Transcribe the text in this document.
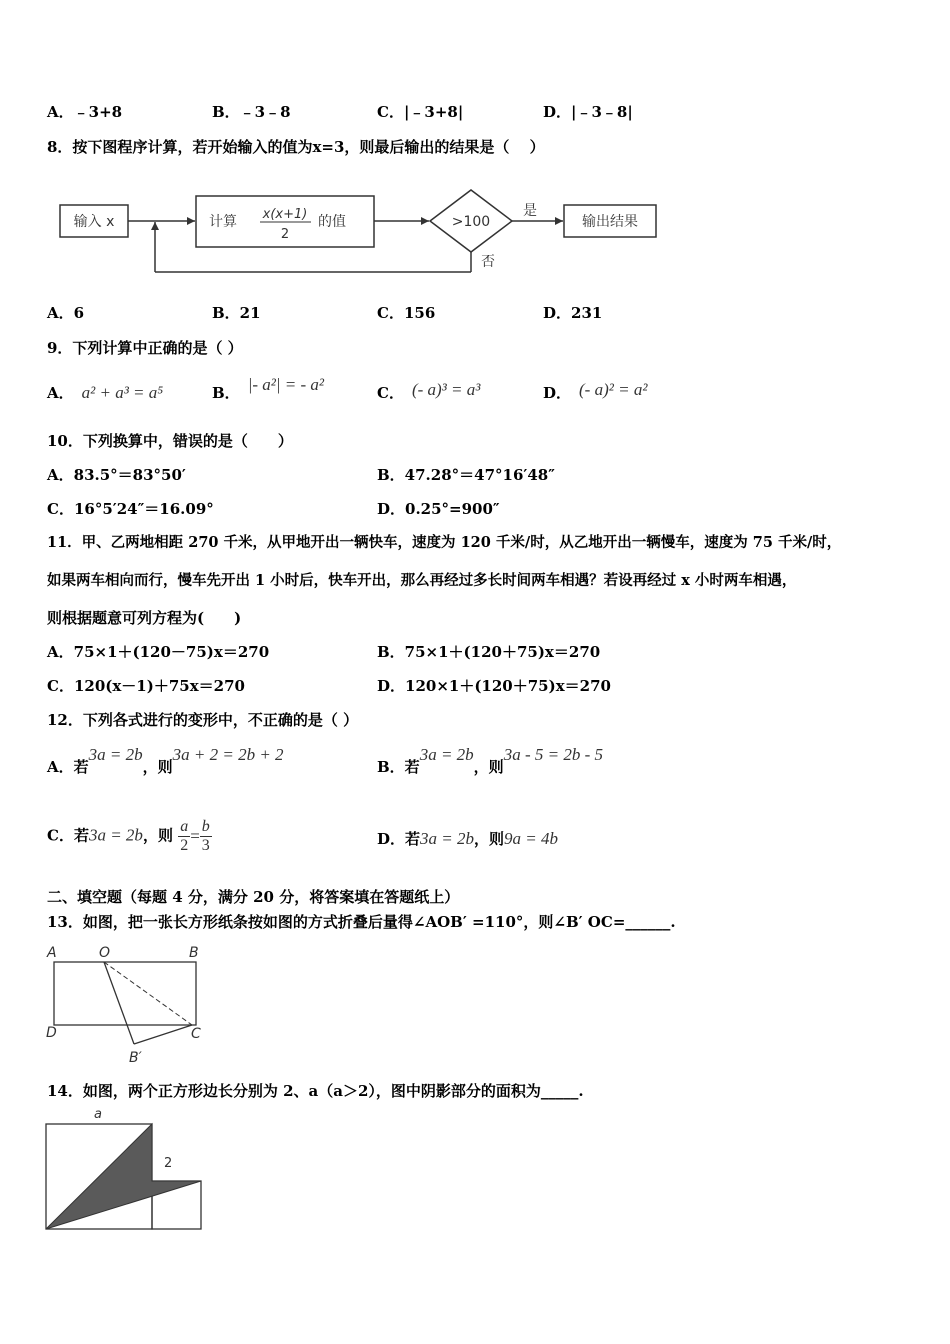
A．﹣3+8	B．﹣3﹣8	C．|﹣3+8|	D．|﹣3﹣8|
8．按下图程序计算，若开始输入的值为x=3，则最后输出的结果是（　 ）
输入 x	计算 x(x+1)
2
的值	>100
是
输出结果
否
A．6	B．21	C．156	D．231
9．下列计算中正确的是（ ）
A． a² + a³ = a⁵	B． |- a²| = - a²	C． (- a)³ = a³	D． (- a)² = a²
10．下列换算中，错误的是（　　）
A．83.5°＝83°50′	B．47.28°＝47°16′48″
C．16°5′24″＝16.09°	D．0.25°=900″
11．甲、乙两地相距 270 千米，从甲地开出一辆快车，速度为 120 千米/时，从乙地开出一辆慢车，速度为 75 千米/时，
如果两车相向而行，慢车先开出 1 小时后，快车开出，那么再经过多长时间两车相遇？若设再经过 x 小时两车相遇，
则根据题意可列方程为(　　)
A．75×1＋(120－75)x＝270	B．75×1＋(120＋75)x＝270
C．120(x－1)＋75x＝270	D．120×1＋(120＋75)x＝270
12．下列各式进行的变形中，不正确的是（ ）
A．若3a = 2b，则3a + 2 = 2b + 2
B．若3a = 2b，则3a - 5 = 2b - 5
C．若3a = 2b，则 $\frac{a}{2} = \frac{b}{3}$	D．若3a = 2b，则9a = 4b
二、填空题（每题 4 分，满分 20 分，将答案填在答题纸上）
13．如图，把一张长方形纸条按如图的方式折叠后量得∠AOB′ =110°，则∠B′ OC=______.
A	O	B
D	C
B′
14．如图，两个正方形边长分别为 2、a（a＞2），图中阴影部分的面积为_____.
a
2
